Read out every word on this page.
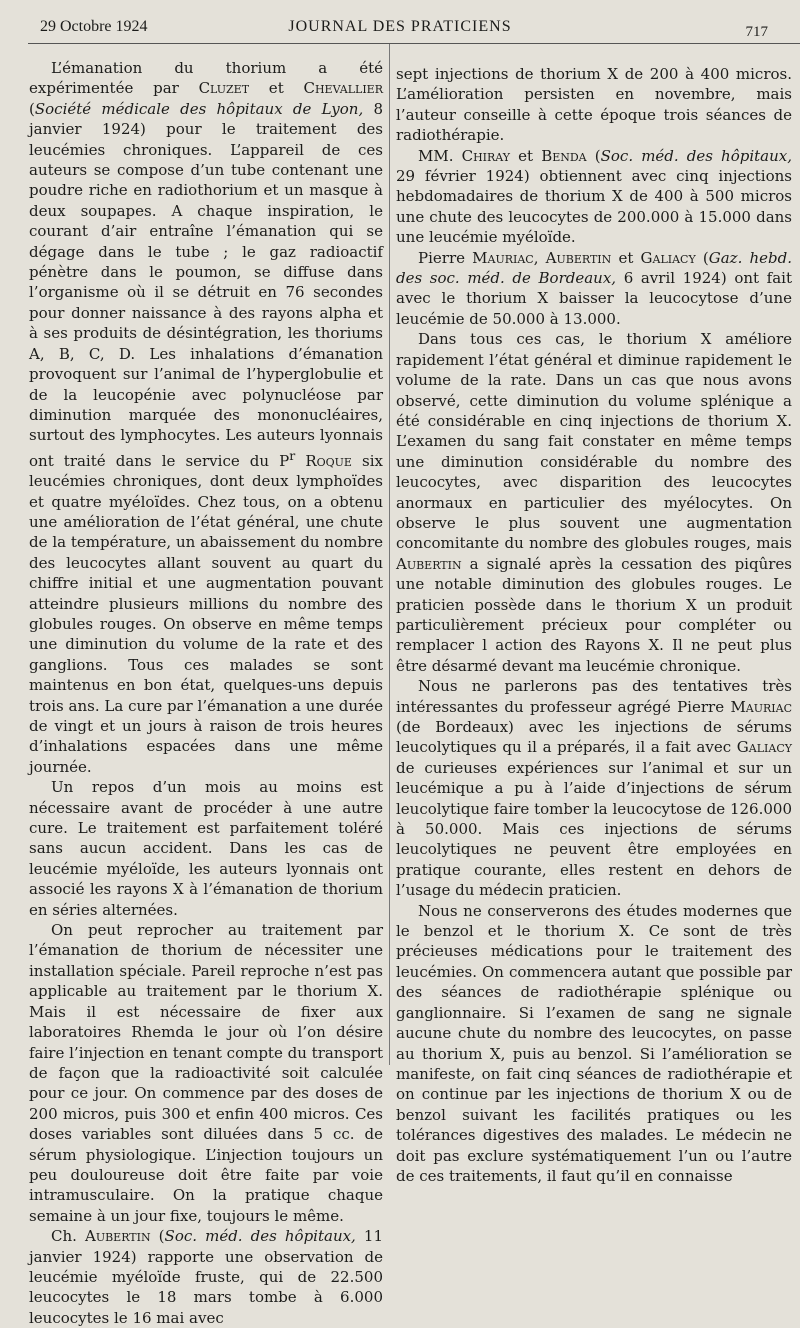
29 Octobre 1924	JOURNAL DES PRATICIENS	717

L’émanation du thorium a été expérimentée par Cluzet et Chevallier (Société médicale des hôpitaux de Lyon, 8 janvier 1924) pour le traitement des leucémies chroniques. L’appareil de ces auteurs se compose d’un tube contenant une poudre riche en radiothorium et un masque à deux soupapes. A chaque inspiration, le courant d’air entraîne l’émanation qui se dégage dans le tube ; le gaz radioactif pénètre dans le poumon, se diffuse dans l’organisme où il se détruit en 76 secondes pour donner naissance à des rayons alpha et à ses produits de désintégration, les thoriums A, B, C, D. Les inhalations d’émanation provoquent sur l’animal de l’hyperglobulie et de la leucopénie avec polynucléose par diminution marquée des mononucléaires, surtout des lymphocytes. Les auteurs lyonnais ont traité dans le service du $P^r$ Roque six leucémies chroniques, dont deux lymphoïdes et quatre myéloïdes. Chez tous, on a obtenu une amélioration de l’état général, une chute de la température, un abaissement du nombre des leucocytes allant souvent au quart du chiffre initial et une augmentation pouvant atteindre plusieurs millions du nombre des globules rouges. On observe en même temps une diminution du volume de la rate et des ganglions. Tous ces malades se sont maintenus en bon état, quelques-uns depuis trois ans. La cure par l’émanation a une durée de vingt et un jours à raison de trois heures d’inhalations espacées dans une même journée.

Un repos d’un mois au moins est nécessaire avant de procéder à une autre cure. Le traitement est parfaitement toléré sans aucun accident. Dans les cas de leucémie myéloïde, les auteurs lyonnais ont associé les rayons X à l’émanation de thorium en séries alternées.

On peut reprocher au traitement par l’émanation de thorium de nécessiter une installation spéciale. Pareil reproche n’est pas applicable au traitement par le thorium X. Mais il est nécessaire de fixer aux laboratoires Rhemda le jour où l’on désire faire l’injection en tenant compte du transport de façon que la radioactivité soit calculée pour ce jour. On commence par des doses de 200 micros, puis 300 et enfin 400 micros. Ces doses variables sont diluées dans 5 cc. de sérum physiologique. L’injection toujours un peu douloureuse doit être faite par voie intramusculaire. On la pratique chaque semaine à un jour fixe, toujours le même.

Ch. Aubertin (Soc. méd. des hôpitaux, 11 janvier 1924) rapporte une observation de leucémie myéloïde fruste, qui de 22.500 leucocytes le 18 mars tombe à 6.000 leucocytes le 16 mai avec

sept injections de thorium X de 200 à 400 micros. L’amélioration persisten en novembre, mais l’auteur conseille à cette époque trois séances de radiothérapie.

MM. Chiray et Benda (Soc. méd. des hôpitaux, 29 février 1924) obtiennent avec cinq injections hebdomadaires de thorium X de 400 à 500 micros une chute des leucocytes de 200.000 à 15.000 dans une leucémie myéloïde.

Pierre Mauriac, Aubertin et Galiacy (Gaz. hebd. des soc. méd. de Bordeaux, 6 avril 1924) ont fait avec le thorium X baisser la leucocytose d’une leucémie de 50.000 à 13.000.

Dans tous ces cas, le thorium X améliore rapidement l’état général et diminue rapidement le volume de la rate. Dans un cas que nous avons observé, cette diminution du volume splénique a été considérable en cinq injections de thorium X. L’examen du sang fait constater en même temps une diminution considérable du nombre des leucocytes, avec disparition des leucocytes anormaux en particulier des myélocytes. On observe le plus souvent une augmentation concomitante du nombre des globules rouges, mais Aubertin a signalé après la cessation des piqûres une notable diminution des globules rouges. Le praticien possède dans le thorium X un produit particulièrement précieux pour compléter ou remplacer l action des Rayons X. Il ne peut plus être désarmé devant ma leucémie chronique.

Nous ne parlerons pas des tentatives très intéressantes du professeur agrégé Pierre Mauriac (de Bordeaux) avec les injections de sérums leucolytiques qu il a préparés, il a fait avec Galiacy de curieuses expériences sur l’animal et sur un leucémique a pu à l’aide d’injections de sérum leucolytique faire tomber la leucocytose de 126.000 à 50.000. Mais ces injections de sérums leucolytiques ne peuvent être employées en pratique courante, elles restent en dehors de l’usage du médecin praticien.

Nous ne conserverons des études modernes que le benzol et le thorium X. Ce sont de très précieuses médications pour le traitement des leucémies. On commencera autant que possible par des séances de radiothérapie splénique ou ganglionnaire. Si l’examen de sang ne signale aucune chute du nombre des leucocytes, on passe au thorium X, puis au benzol. Si l’amélioration se manifeste, on fait cinq séances de radiothérapie et on continue par les injections de thorium X ou de benzol suivant les facilités pratiques ou les tolérances digestives des malades. Le médecin ne doit pas exclure systématiquement l’un ou l’autre de ces traitements, il faut qu’il en connaisse
